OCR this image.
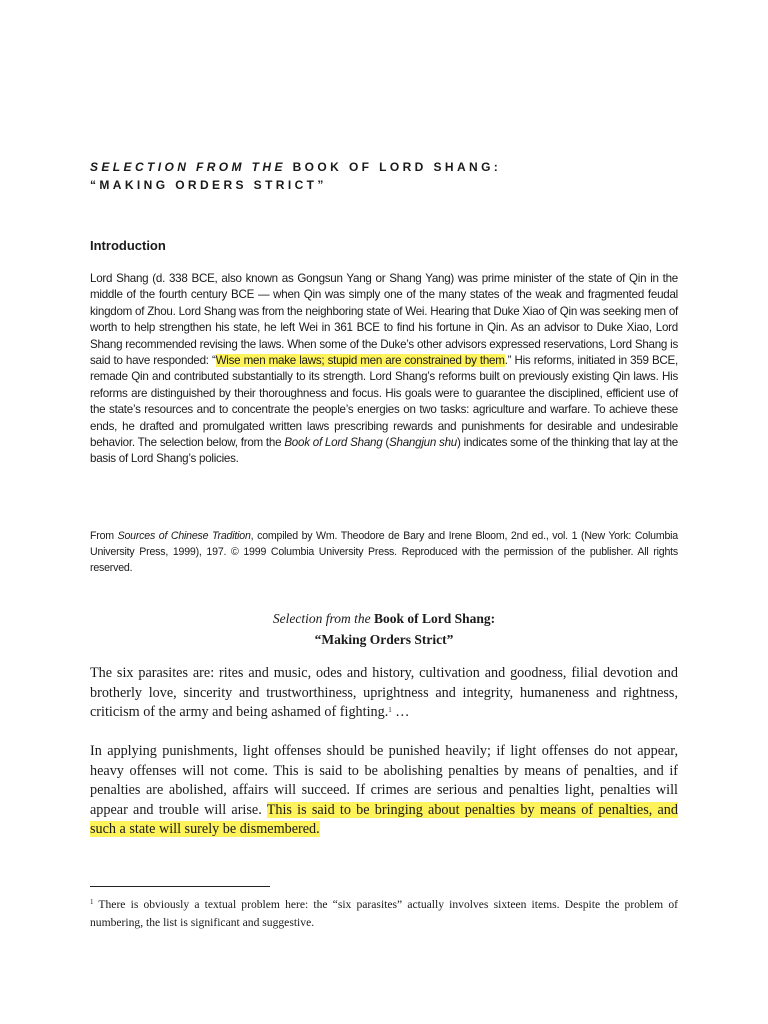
SELECTION FROM THE BOOK OF LORD SHANG:
“MAKING ORDERS STRICT”
Introduction
Lord Shang (d. 338 BCE, also known as Gongsun Yang or Shang Yang) was prime minister of the state of Qin in the middle of the fourth century BCE — when Qin was simply one of the many states of the weak and fragmented feudal kingdom of Zhou. Lord Shang was from the neighboring state of Wei. Hearing that Duke Xiao of Qin was seeking men of worth to help strengthen his state, he left Wei in 361 BCE to find his fortune in Qin. As an advisor to Duke Xiao, Lord Shang recommended revising the laws. When some of the Duke’s other advisors expressed reservations, Lord Shang is said to have responded: “Wise men make laws; stupid men are constrained by them.” His reforms, initiated in 359 BCE, remade Qin and contributed substantially to its strength. Lord Shang’s reforms built on previously existing Qin laws. His reforms are distinguished by their thoroughness and focus. His goals were to guarantee the disciplined, efficient use of the state’s resources and to concentrate the people’s energies on two tasks: agriculture and warfare. To achieve these ends, he drafted and promulgated written laws prescribing rewards and punishments for desirable and undesirable behavior. The selection below, from the Book of Lord Shang (Shangjun shu) indicates some of the thinking that lay at the basis of Lord Shang’s policies.
From Sources of Chinese Tradition, compiled by Wm. Theodore de Bary and Irene Bloom, 2nd ed., vol. 1 (New York: Columbia University Press, 1999), 197. © 1999 Columbia University Press. Reproduced with the permission of the publisher. All rights reserved.
Selection from the Book of Lord Shang:
“Making Orders Strict”
The six parasites are: rites and music, odes and history, cultivation and goodness, filial devotion and brotherly love, sincerity and trustworthiness, uprightness and integrity, humaneness and rightness, criticism of the army and being ashamed of fighting.$^1$ …
In applying punishments, light offenses should be punished heavily; if light offenses do not appear, heavy offenses will not come. This is said to be abolishing penalties by means of penalties, and if penalties are abolished, affairs will succeed. If crimes are serious and penalties light, penalties will appear and trouble will arise. This is said to be bringing about penalties by means of penalties, and such a state will surely be dismembered.
$^1$ There is obviously a textual problem here: the “six parasites” actually involves sixteen items. Despite the problem of numbering, the list is significant and suggestive.
